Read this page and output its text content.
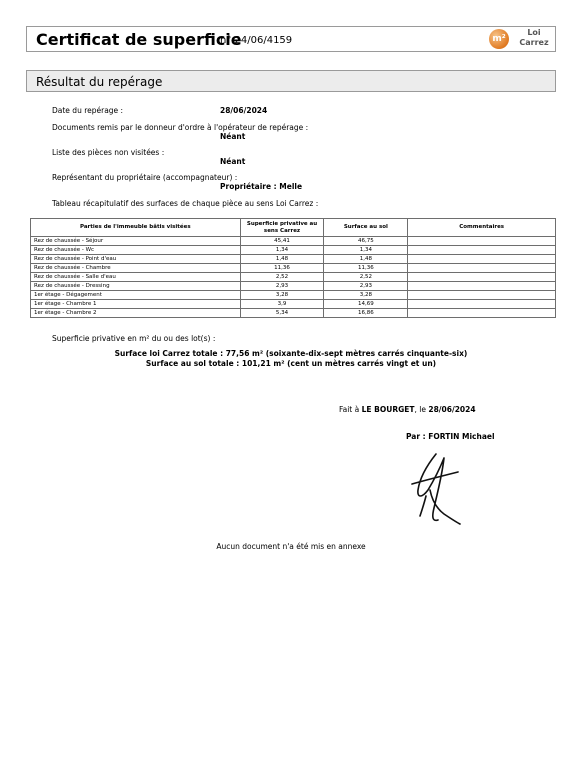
Certificat de superficie
n° 24/06/4159	m²
Loi
Carrez
Résultat du repérage
Date du repérage :	28/06/2024
Documents remis par le donneur d'ordre à l'opérateur de repérage :
Néant
Liste des pièces non visitées :
Néant
Représentant du propriétaire (accompagnateur) :
Propriétaire : Melle
Tableau récapitulatif des surfaces de chaque pièce au sens Loi Carrez :
Parties de l'immeuble bâtis visitées	Superficie privative au sens Carrez	Surface au sol	Commentaires
Rez de chaussée - Séjour	45,41	46,75	
Rez de chaussée - Wc	1,34	1,34	
Rez de chaussée - Point d'eau	1,48	1,48	
Rez de chaussée - Chambre	11,36	11,36	
Rez de chaussée - Salle d'eau	2,52	2,52	
Rez de chaussée - Dressing	2,93	2,93	
1er étage - Dégagement	3,28	3,28	
1er étage - Chambre 1	3,9	14,69	
1er étage - Chambre 2	5,34	16,86	
Superficie privative en m² du ou des lot(s) :
Surface loi Carrez totale : 77,56 m² (soixante-dix-sept mètres carrés cinquante-six)
Surface au sol totale : 101,21 m² (cent un mètres carrés vingt et un)
Fait à LE BOURGET, le 28/06/2024
Par : FORTIN Michael
Aucun document n'a été mis en annexe
